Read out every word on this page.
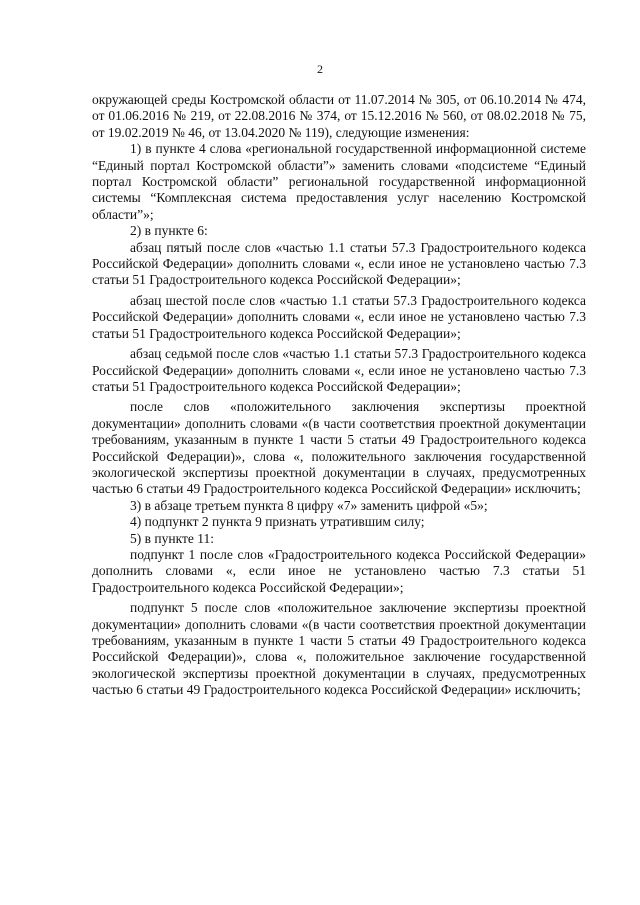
2

окружающей среды Костромской области от 11.07.2014 № 305, от 06.10.2014 № 474, от 01.06.2016 № 219, от 22.08.2016 № 374, от 15.12.2016 № 560, от 08.02.2018 № 75, от 19.02.2019 № 46, от 13.04.2020 № 119), следующие изменения:

1) в пункте 4 слова «региональной государственной информационной системе “Единый портал Костромской области”» заменить словами «подсистеме “Единый портал Костромской области” региональной государственной информационной системы “Комплексная система предоставления услуг населению Костромской области”»;

2) в пункте 6:

абзац пятый после слов «частью 1.1 статьи 57.3 Градостроительного кодекса Российской Федерации» дополнить словами «, если иное не установлено частью 7.3 статьи 51 Градостроительного кодекса Российской Федерации»;

абзац шестой после слов «частью 1.1 статьи 57.3 Градостроительного кодекса Российской Федерации» дополнить словами «, если иное не установлено частью 7.3 статьи 51 Градостроительного кодекса Российской Федерации»;

абзац седьмой после слов «частью 1.1 статьи 57.3 Градостроительного кодекса Российской Федерации» дополнить словами «, если иное не установлено частью 7.3 статьи 51 Градостроительного кодекса Российской Федерации»;

после слов «положительного заключения экспертизы проектной документации» дополнить словами «(в части соответствия проектной документации требованиям, указанным в пункте 1 части 5 статьи 49 Градостроительного кодекса Российской Федерации)», слова «, положительного заключения государственной экологической экспертизы проектной документации в случаях, предусмотренных частью 6 статьи 49 Градостроительного кодекса Российской Федерации» исключить;

3) в абзаце третьем пункта 8 цифру «7» заменить цифрой «5»;

4) подпункт 2 пункта 9 признать утратившим силу;

5) в пункте 11:

подпункт 1 после слов «Градостроительного кодекса Российской Федерации» дополнить словами «, если иное не установлено частью 7.3 статьи 51 Градостроительного кодекса Российской Федерации»;

подпункт 5 после слов «положительное заключение экспертизы проектной документации» дополнить словами «(в части соответствия проектной документации требованиям, указанным в пункте 1 части 5 статьи 49 Градостроительного кодекса Российской Федерации)», слова «, положительное заключение государственной экологической экспертизы проектной документации в случаях, предусмотренных частью 6 статьи 49 Градостроительного кодекса Российской Федерации» исключить;
